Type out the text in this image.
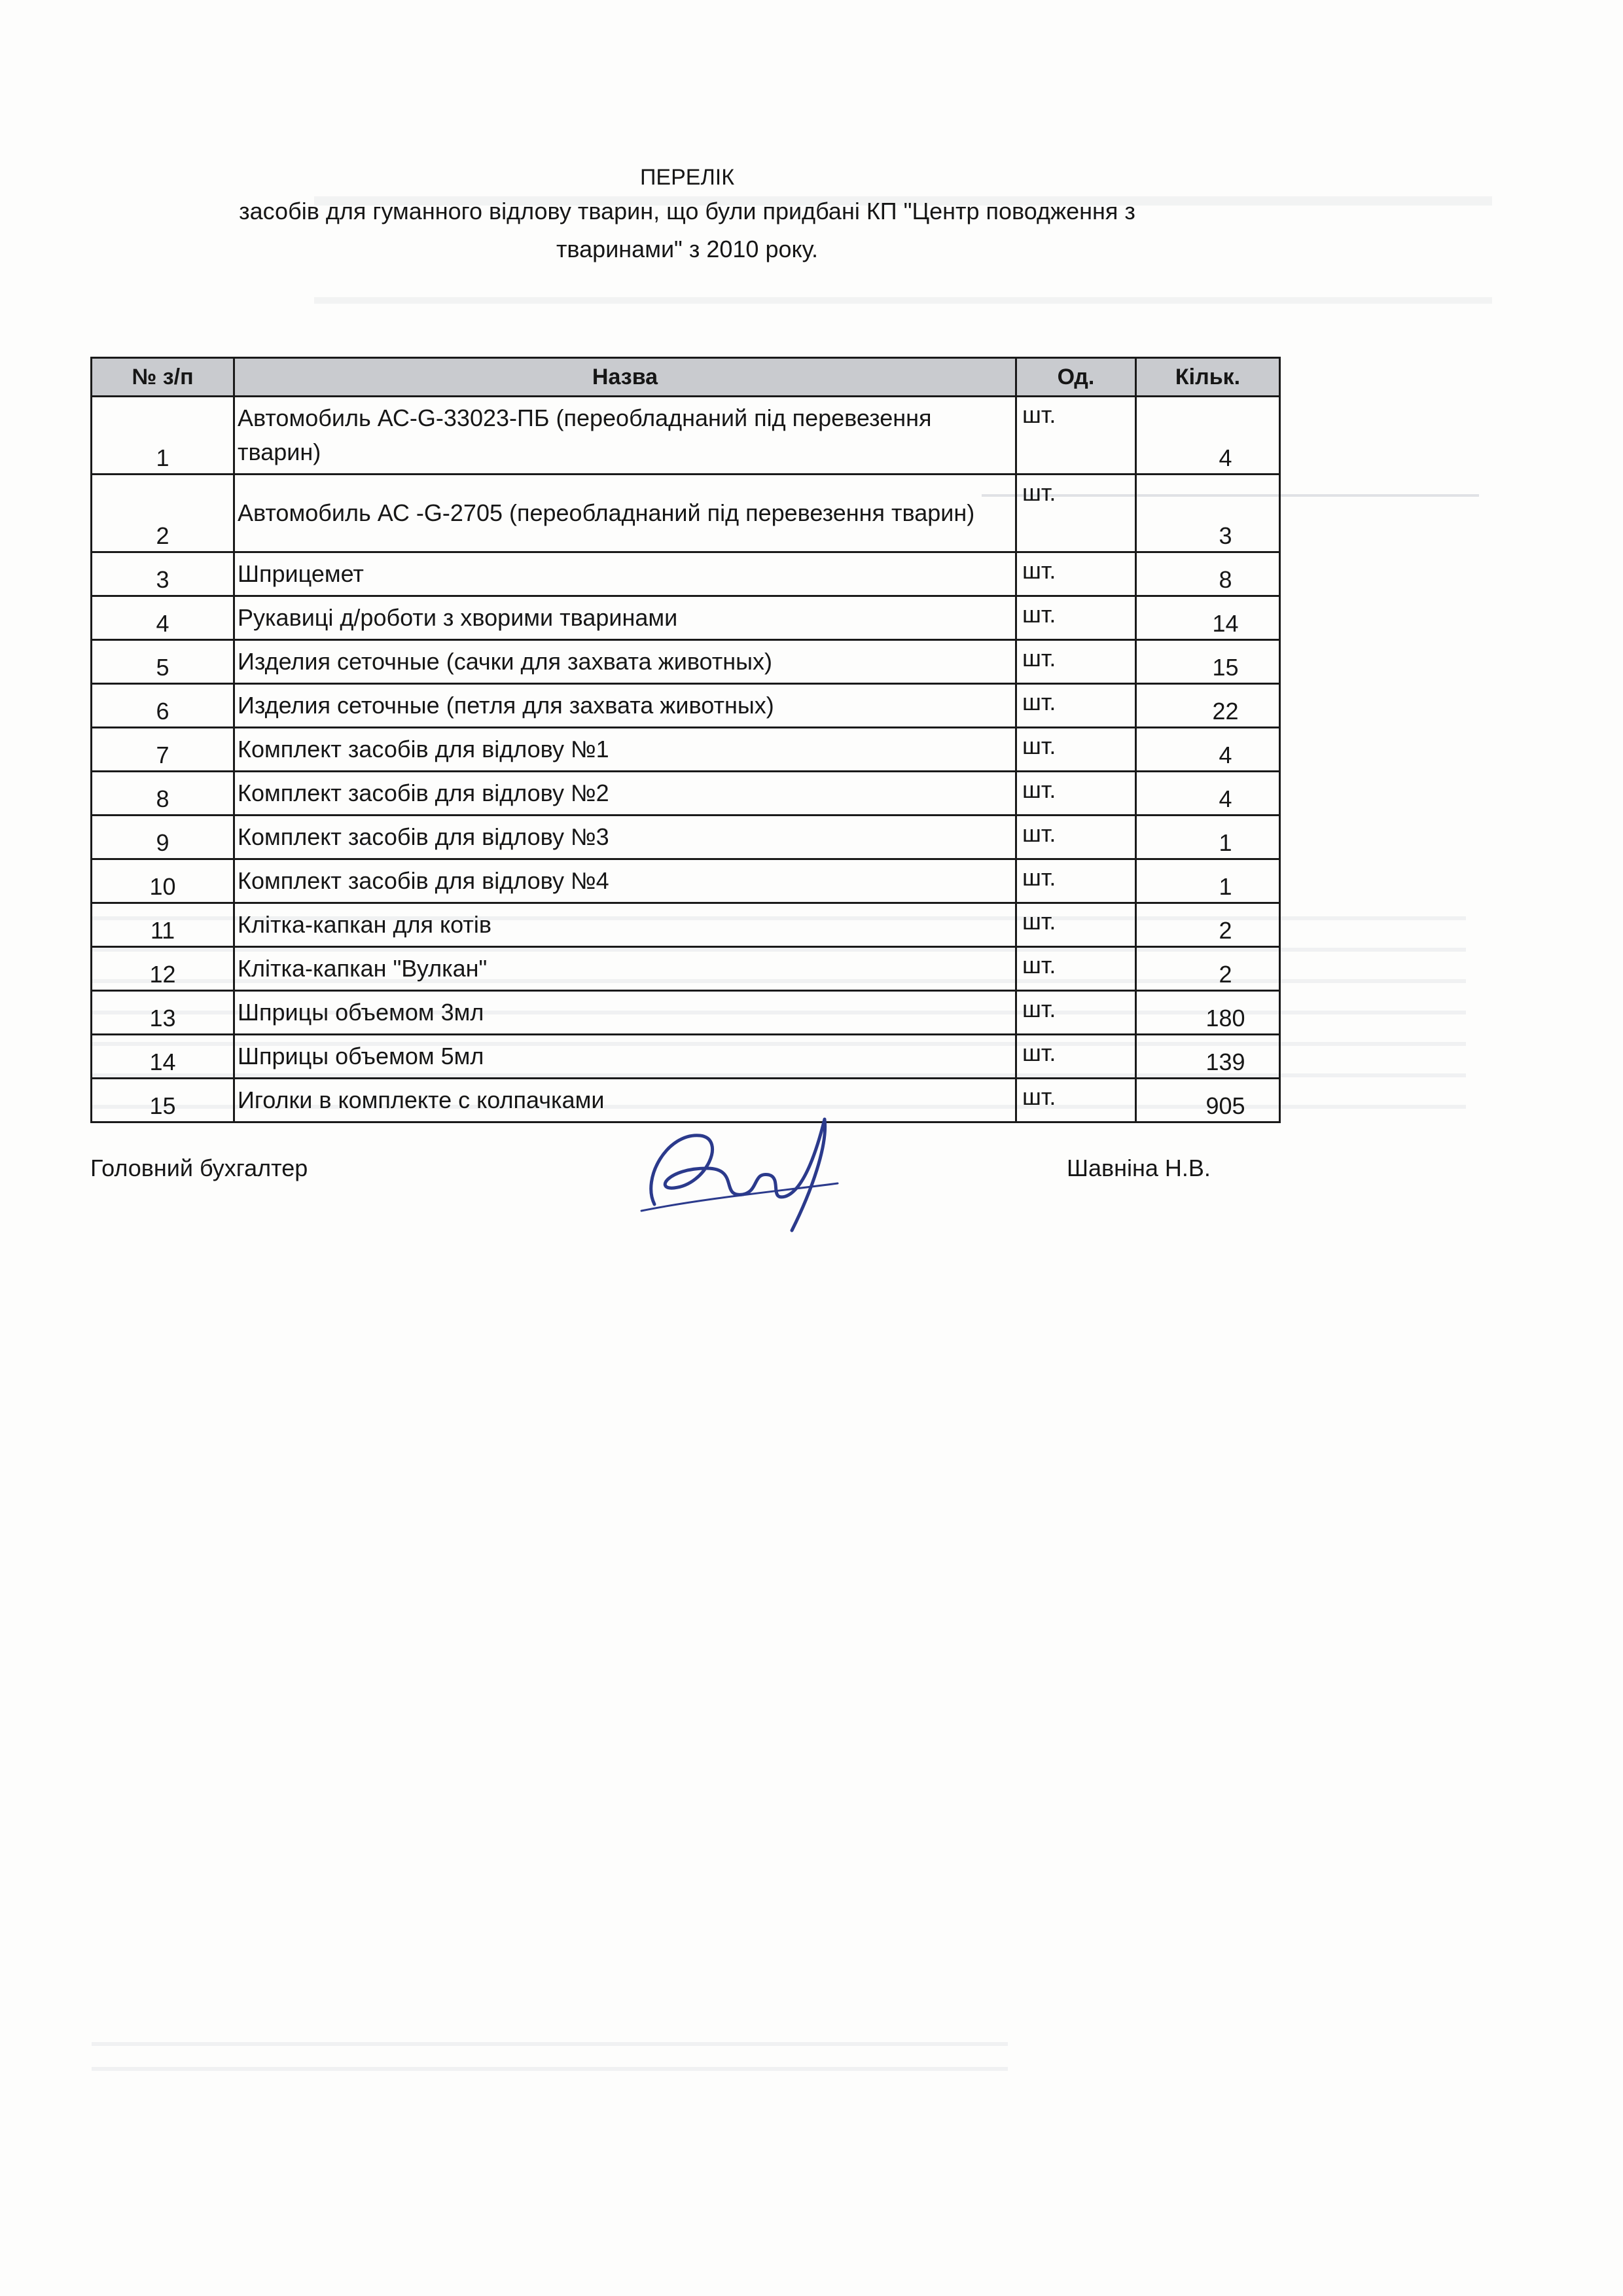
ПЕРЕЛІК
засобів для гуманного відлову тварин, що були придбані КП "Центр поводження з
тваринами" з 2010 року.
№ з/п	Назва	Од.	Кільк.
1	Автомобиль АС-G-33023-ПБ (переобладнаний під перевезення тварин)	шт.	4
2	Автомобиль АС -G-2705 (переобладнаний під перевезення тварин)	шт.	3
3	Шприцемет	шт.	8
4	Рукавиці д/роботи з хворими тваринами	шт.	14
5	Изделия сеточные (сачки для захвата животных)	шт.	15
6	Изделия сеточные (петля для захвата животных)	шт.	22
7	Комплект засобів для відлову №1	шт.	4
8	Комплект засобів для відлову №2	шт.	4
9	Комплект засобів для відлову №3	шт.	1
10	Комплект засобів для відлову №4	шт.	1
11	Клітка-капкан для котів	шт.	2
12	Клітка-капкан "Вулкан"	шт.	2
13	Шприцы объемом 3мл	шт.	180
14	Шприцы объемом 5мл	шт.	139
15	Иголки в комплекте с колпачками	шт.	905
Головний бухгалтер	Шавніна Н.В.
